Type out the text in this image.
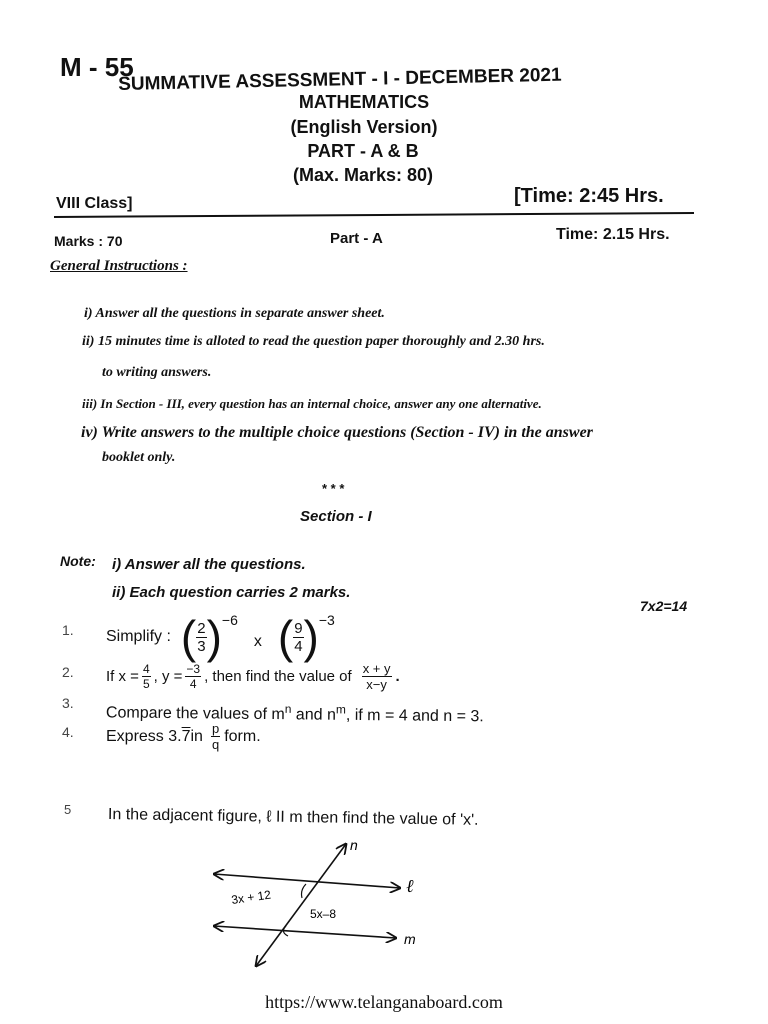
M - 55
SUMMATIVE ASSESSMENT - I - DECEMBER 2021
MATHEMATICS
(English Version)
PART - A & B
(Max. Marks: 80)
VIII Class]	[Time: 2:45 Hrs.
Marks : 70	Part - A	Time: 2.15 Hrs.
General Instructions :
i) Answer all the questions in separate answer sheet.
ii) 15 minutes time is alloted to read the question paper thoroughly and 2.30 hrs.
to writing answers.
iii) In Section - III, every question has an internal choice, answer any one alternative.
iv) Write answers to the multiple choice questions (Section - IV) in the answer
booklet only.
* * *
Section - I
Note: i) Answer all the questions.
ii) Each question carries 2 marks.
7x2=14
1. Simplify : ( $\frac{2}{3}$ ) −6
x ( $\frac{9}{4}$ ) −3
2. If $x = \frac{4}{5}$ , $y = \frac{-3}{4}$ , then find the value of $\frac{x + y}{x-y}$ .
3.
Compare the values of $m^n$ and $n^m$, if m = 4 and n = 3.
4. Express 3. 7 in $\frac{p}{q}$ form.
5 In the adjacent figure, ℓ II m then find the value of 'x'.
n
ℓ
m
3x + 12
5x–8
https://www.telanganaboard.com
